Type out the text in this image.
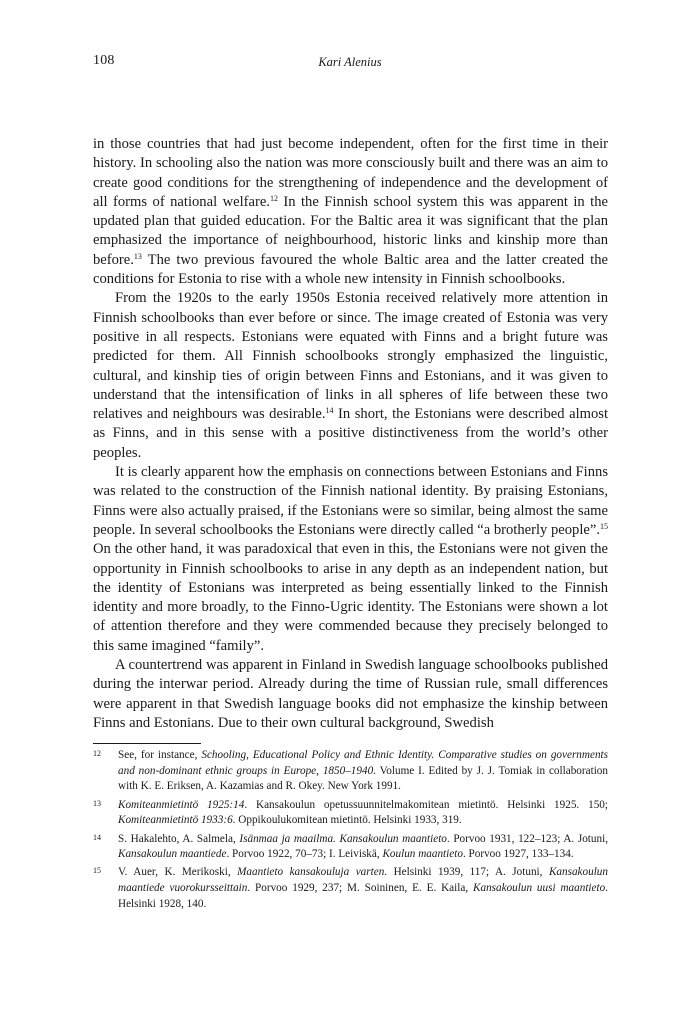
108	Kari Alenius

in those countries that had just become independent, often for the first time in their history. In schooling also the nation was more consciously built and there was an aim to create good conditions for the strengthening of independence and the development of all forms of national welfare.$^{12}$ In the Finnish school system this was apparent in the updated plan that guided education. For the Baltic area it was significant that the plan emphasized the importance of neighbourhood, historic links and kinship more than before.$^{13}$ The two previous favoured the whole Baltic area and the latter created the conditions for Estonia to rise with a whole new intensity in Finnish schoolbooks.

From the 1920s to the early 1950s Estonia received relatively more attention in Finnish schoolbooks than ever before or since. The image created of Estonia was very positive in all respects. Estonians were equated with Finns and a bright future was predicted for them. All Finnish schoolbooks strongly emphasized the linguistic, cultural, and kinship ties of origin between Finns and Estonians, and it was given to understand that the intensification of links in all spheres of life between these two relatives and neighbours was desirable.$^{14}$ In short, the Estonians were described almost as Finns, and in this sense with a positive distinctiveness from the world’s other peoples.

It is clearly apparent how the emphasis on connections between Estonians and Finns was related to the construction of the Finnish national identity. By praising Estonians, Finns were also actually praised, if the Estonians were so similar, being almost the same people. In several schoolbooks the Estonians were directly called “a brotherly people”.$^{15}$ On the other hand, it was paradoxical that even in this, the Estonians were not given the opportunity in Finnish schoolbooks to arise in any depth as an independent nation, but the identity of Estonians was interpreted as being essentially linked to the Finnish identity and more broadly, to the Finno-Ugric identity. The Estonians were shown a lot of attention therefore and they were commended because they precisely belonged to this same imagined “family”.

A countertrend was apparent in Finland in Swedish language schoolbooks published during the interwar period. Already during the time of Russian rule, small differences were apparent in that Swedish language books did not emphasize the kinship between Finns and Estonians. Due to their own cultural background, Swedish

12	See, for instance, Schooling, Educational Policy and Ethnic Identity. Comparative studies on governments and non-dominant ethnic groups in Europe, 1850–1940. Volume I. Edited by J. J. Tomiak in collaboration with K. E. Eriksen, A. Kazamias and R. Okey. New York 1991.
13	Komiteanmietintö 1925:14. Kansakoulun opetussuunnitelmakomitean mietintö. Helsinki 1925. 150; Komiteanmietintö 1933:6. Oppikoulukomitean mietintö. Helsinki 1933, 319.
14	S. Hakalehto, A. Salmela, Isänmaa ja maailma. Kansakoulun maantieto. Porvoo 1931, 122–123; A. Jotuni, Kansakoulun maantiede. Porvoo 1922, 70–73; I. Leiviskä, Koulun maantieto. Porvoo 1927, 133–134.
15	V. Auer, K. Merikoski, Maantieto kansakouluja varten. Helsinki 1939, 117; A. Jotuni, Kansakoulun maantiede vuorokursseittain. Porvoo 1929, 237; M. Soininen, E. E. Kaila, Kansakoulun uusi maantieto. Helsinki 1928, 140.
